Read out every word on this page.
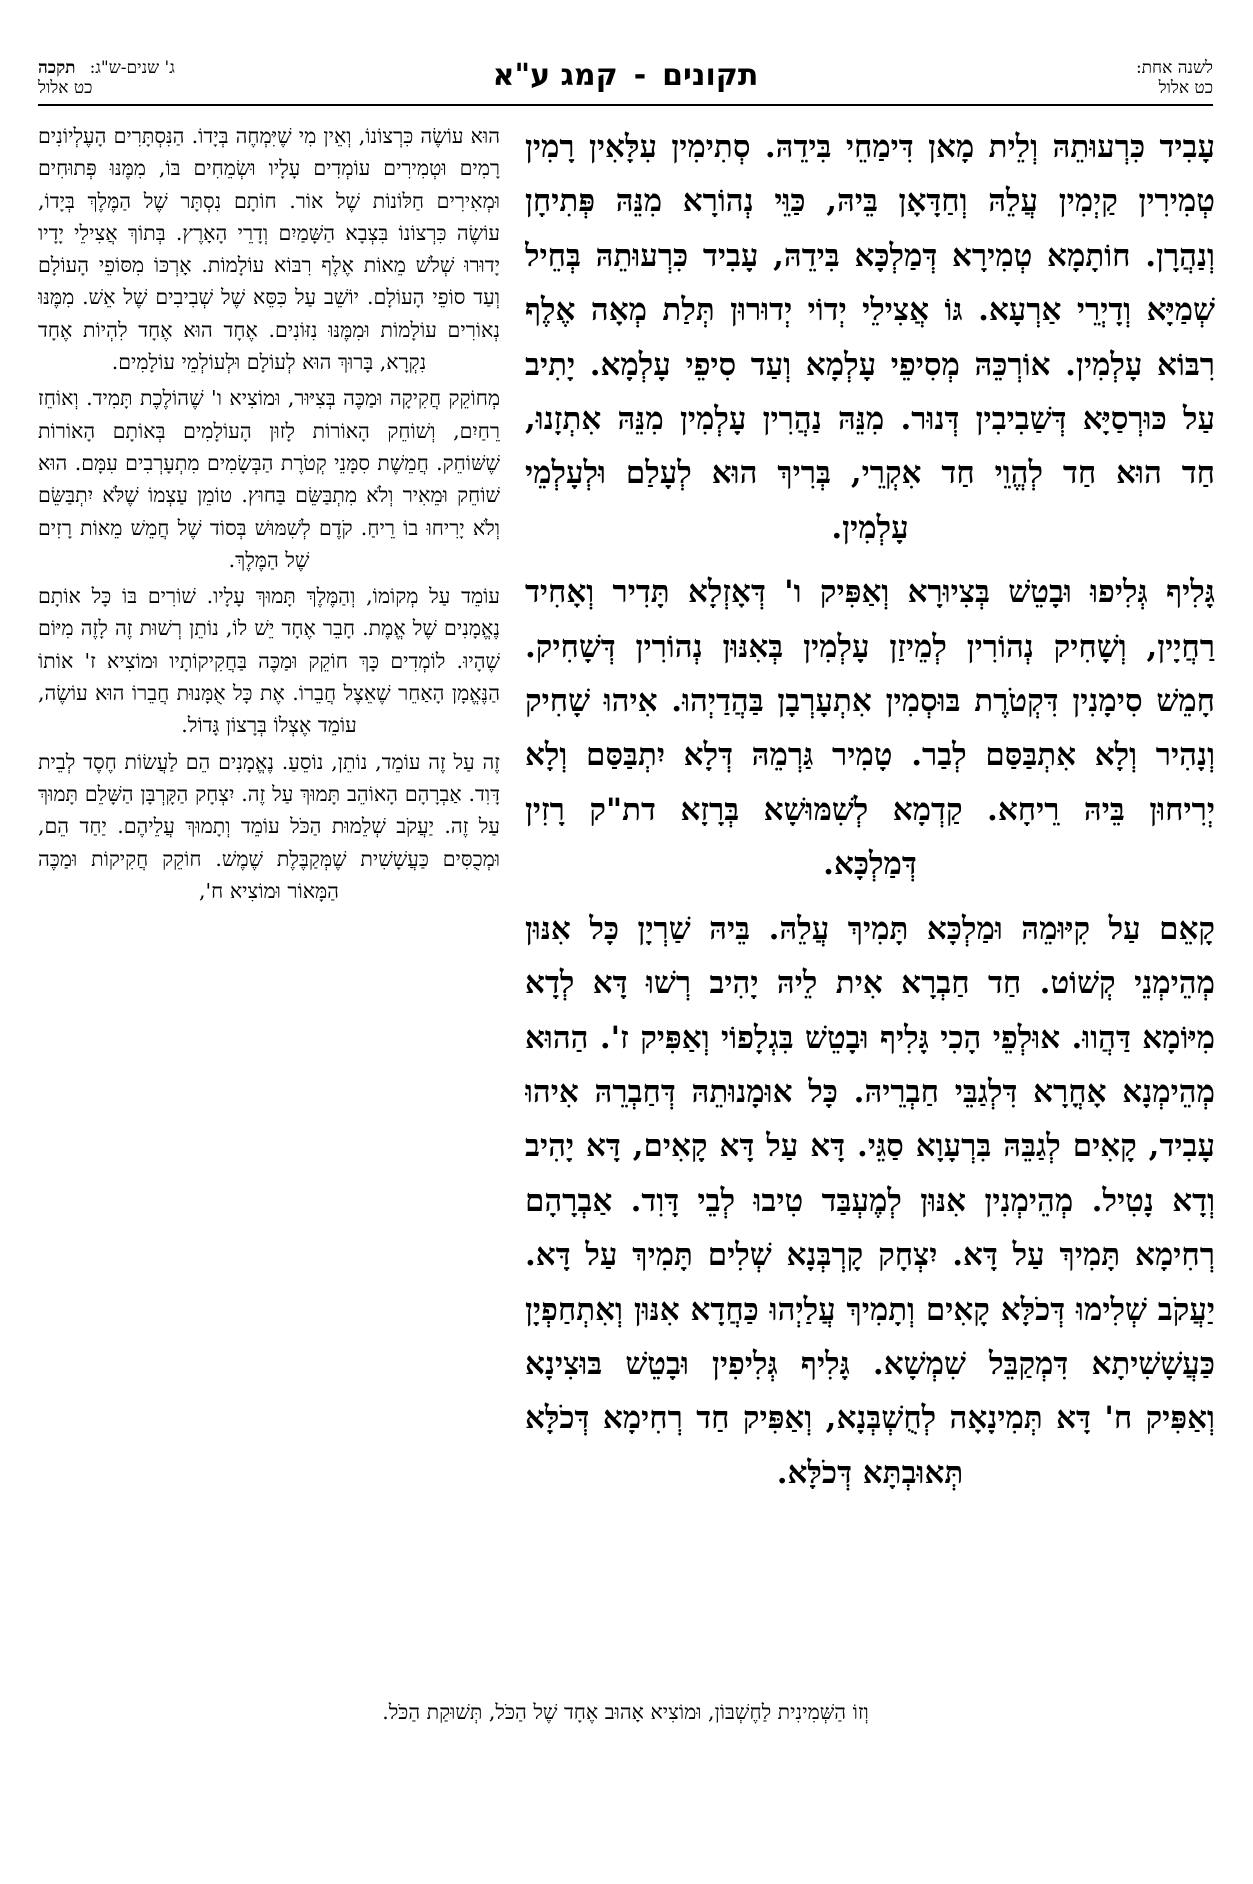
לשנה אחת:
כט אלול
תקונים-קמג ע"א
ג' שנים-ש"ג:תקכה
כט אלול

עָבִיד כִּרְעוּתֵהּ וְלֵית מָאן דִּימַחֵי בִּידֵהּ. סְתִימִין עִלָּאִין רָמִין טְמִירִין קַיְמִין עֲלֵהּ וְחַדָּאָן בֵּיהּ, כַּוֵּי נְהוֹרָא מִנֵּהּ פְּתִיחָן וְנַהֲרָן. חוֹתָמָא טְמִירָא דְּמַלְכָּא בִּידֵהּ, עָבִיד כִּרְעוּתֵהּ בְּחֵיל שְׁמַיָּא וְדָיְרֵי אַרְעָא. גּוֹ אֲצִילֵי יְדוֹי יְדוּרוּן תְּלַת מְאָה אֶלֶף רִבּוֹא עָלְמִין. אוֹרְכֵּהּ מְסִיפֵי עָלְמָא וְעַד סִיפֵי עָלְמָא. יָתִיב עַל כּוּרְסַיָּא דְּשַׁבִיבִין דְּנוּר. מִנֵּהּ נַהֲרִין עָלְמִין מִנֵּהּ אִתְזָנוּ, חַד הוּא חַד לְהֱוֵי חַד אִקְרֵי, בְּרִיךְ הוּא לְעָלַם וּלְעָלְמֵי עָלְמִין.

גָּלִיף גְּלִיפוּ וּבָטֵשׁ בְּצִיוּרָא וְאַפִּיק ו' דְּאָזְלָא תָּדִיר וְאָחִיד רַחֲיָין, וְשָׁחִיק נְהוֹרִין לְמֵיזַן עָלְמִין בְּאִנּוּן נְהוֹרִין דְּשָׁחִיק. חָמֵשׁ סִימָנִין דִּקְטֹרֶת בּוּסְמִין אִתְעָרְבָן בַּהֲדַיְהוּ. אִיהוּ שָׁחִיק וְנָהִיר וְלָא אִתְבַּסַּם לְבַר. טָמִיר גַּרְמֵהּ דְּלָא יִתְבַּסַּם וְלָא יְרִיחוּן בֵּיהּ רֵיחָא. קַדְמָא לְשִׁמּוּשָׁא בְּרָזָא דת"ק רָזִין דְּמַלְכָּא.

קָאֵם עַל קִיּוּמֵהּ וּמַלְכָּא תָּמִיךְ עֲלֵהּ. בֵּיהּ שַׁרְיָן כָּל אִנּוּן מְהֵימְנֵי קְשׁוֹט. חַד חַבְרָא אִית לֵיהּ יָהִיב רְשׁוּ דָּא לְדָא מִיּוֹמָא דַּהֲווּ. אוּלְפֵי הָכִי גָּלִיף וּבָטֵשׁ בִּגְלָפוֹי וְאַפִּיק ז'. הַהוּא מְהֵימְנָא אָחֳרָא דִּלְגַבֵּי חַבְרֵיהּ. כָּל אוּמָנוּתֵהּ דְּחַבְרֵהּ אִיהוּ עָבִיד, קָאִים לְגַבֵּהּ בִּרְעָוָא סַגֵּי. דָּא עַל דָּא קָאִים, דָּא יָהִיב וְדָא נָטִיל. מְהֵימְנִין אִנּוּן לְמֶעְבַּד טִיבוּ לְבֵי דָּוִד. אַבְרָהָם רְחִימָא תָּמִיךְ עַל דָּא. יִצְחָק קָרְבְּנָא שְׁלִים תָּמִיךְ עַל דָּא. יַעֲקֹב שְׁלִימוּ דְּכֹלָּא קָאִים וְתָמִיךְ עֲלַיְהוּ כַּחֲדָא אִנּוּן וְאִתְחַפְיָן כַּעֲשָׁשִׁיתָא דִּמְקַבֵּל שִׁמְשָׁא. גָּלִיף גְּלִיפִין וּבָטֵשׁ בּוּצִינָא וְאַפִּיק ח' דָּא תְּמִינָאָה לְחֻשְׁבְּנָא, וְאַפִּיק חַד רְחִימָא דְּכֹלָּא תְּאוּבְתָּא דְּכֹלָּא.

הוּא עוֹשֶׂה כִּרְצוֹנוֹ, וְאֵין מִי שֶׁיִּמְחֶה בְּיָדוֹ. הַנִּסְתָּרִים הָעֶלְיוֹנִים רָמִים וּטְמִירִים עוֹמְדִים עָלָיו וּשְׂמֵחִים בּוֹ, מִמֶּנּוּ פְּתוּחִים וּמְאִירִים חַלּוֹנוֹת שֶׁל אוֹר. חוֹתָם נִסְתָּר שֶׁל הַמֶּלֶךְ בְּיָדוֹ, עוֹשֶׂה כִּרְצוֹנוֹ בִּצְבָא הַשָּׁמַיִם וְדָרֵי הָאָרֶץ. בְּתוֹךְ אֲצִילֵי יָדָיו יָדוּרוּ שְׁלֹשׁ מֵאוֹת אֶלֶף רִבּוֹא עוֹלָמוֹת. אָרְכּוֹ מִסּוֹפֵי הָעוֹלָם וְעַד סוֹפֵי הָעוֹלָם. יוֹשֵׁב עַל כִּסֵּא שֶׁל שְׁבִיבִים שֶׁל אֵשׁ. מִמֶּנּוּ נְאוֹרִים עוֹלָמוֹת וּמִמֶּנּוּ נִזּוֹנִים. אֶחָד הוּא אֶחָד לִהְיוֹת אֶחָד נִקְרָא, בָּרוּךְ הוּא לְעוֹלָם וּלְעוֹלְמֵי עוֹלָמִים.

מְחוֹקֵק חֲקִיקָה וּמַכֶּה בְּצִיּוּר, וּמוֹצִיא ו' שֶׁהוֹלֶכֶת תָּמִיד. וְאוֹחֵז רֵחַיִם, וְשׁוֹחֵק הָאוֹרוֹת לָזוּן הָעוֹלָמִים בְּאוֹתָם הָאוֹרוֹת שֶׁשּׁוֹחֵק. חֲמֵשֶׁת סִמָּנֵי קְטֹרֶת הַבְּשָׂמִים מִתְעָרְבִים עִמָּם. הוּא שׁוֹחֵק וּמֵאִיר וְלֹא מִתְבַּשֵּׂם בַּחוּץ. טוֹמֵן עַצְמוֹ שֶׁלֹּא יִתְבַּשֵּׂם וְלֹא יָרִיחוּ בוֹ רֵיחַ. קֹדֶם לְשִׁמּוּשׁ בְּסוֹד שֶׁל חֲמֵשׁ מֵאוֹת רָזִים שֶׁל הַמֶּלֶךְ.

עוֹמֵד עַל מְקוֹמוֹ, וְהַמֶּלֶךְ תָּמוּךְ עָלָיו. שׁוֹרִים בּוֹ כָּל אוֹתָם נֶאֱמָנִים שֶׁל אֱמֶת. חָבֵר אֶחָד יֵשׁ לוֹ, נוֹתֵן רְשׁוּת זֶה לָזֶה מִיּוֹם שֶׁהָיוּ. לוֹמְדִים כָּךְ חוֹקֵק וּמַכֶּה בַּחֲקִיקוֹתָיו וּמוֹצִיא ז' אוֹתוֹ הַנֶּאֱמָן הָאַחֵר שֶׁאֵצֶל חֲבֵרוֹ. אֶת כָּל אֻמָּנוּת חֲבֵרוֹ הוּא עוֹשֶׂה, עוֹמֵד אֶצְלוֹ בְּרָצוֹן גָּדוֹל.

זֶה עַל זֶה עוֹמֵד, נוֹתֵן, נוֹסֵעַ. נֶאֱמָנִים הֵם לַעֲשׂוֹת חֶסֶד לְבֵית דָּוִד. אַבְרָהָם הָאוֹהֵב תָּמוּךְ עַל זֶה. יִצְחָק הַקָּרְבָּן הַשָּׁלֵם תָּמוּךְ עַל זֶה. יַעֲקֹב שְׁלֵמוּת הַכֹּל עוֹמֵד וְתָמוּךְ עֲלֵיהֶם. יַחַד הֵם, וּמְכֻסִּים כַּעֲשָׁשִׁית שֶׁמְּקַבֶּלֶת שֶׁמֶשׁ. חוֹקֵק חֲקִיקוֹת וּמַכֶּה הַמָּאוֹר וּמוֹצִיא ח',

וְזוֹ הַשְּׁמִינִית לַחֶשְׁבּוֹן, וּמוֹצִיא אָהוּב אֶחָד שֶׁל הַכֹּל, תְּשׁוּקַת הַכֹּל.
